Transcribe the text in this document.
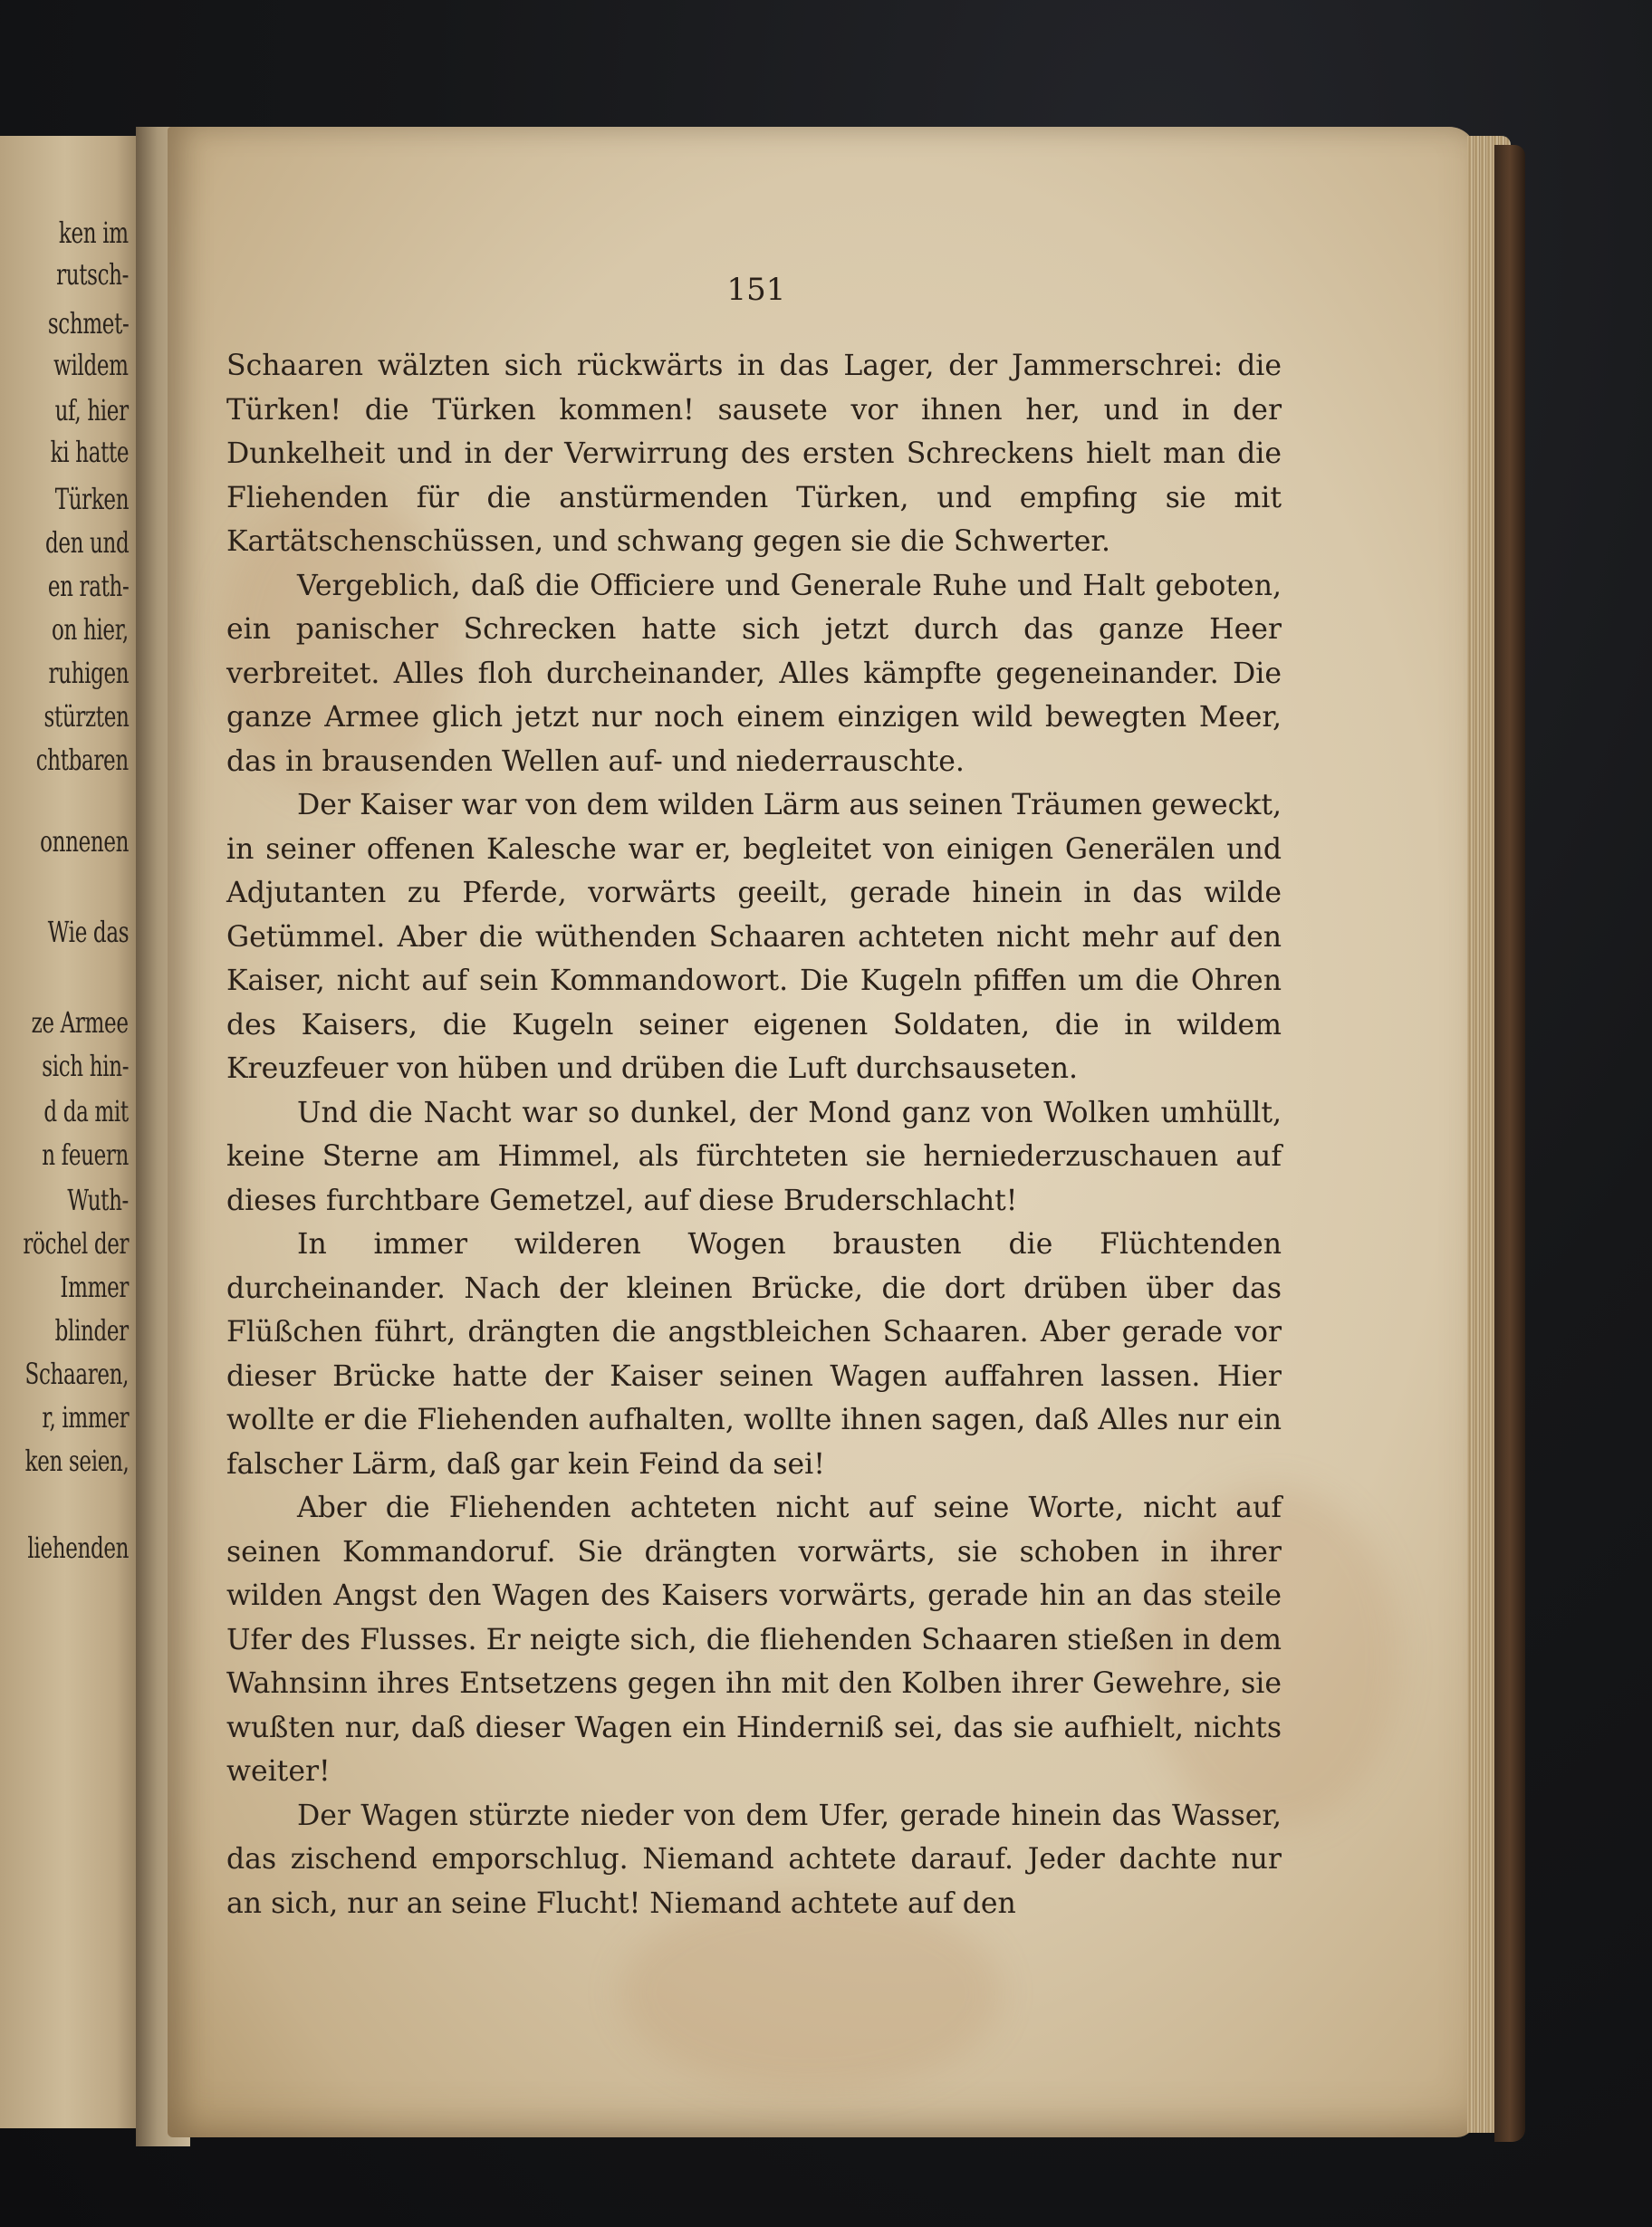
ken im
rutsch-
schmet-
wildem
uf, hier
ki hatte
Türken
den und
en rath-
on hier,
ruhigen
stürzten
chtbaren
onnenen
Wie das
ze Armee
sich hin-
d da mit
n feuern
Wuth-
röchel der
Immer
blinder
Schaaren,
r, immer
ken seien,
liehenden
151

Schaaren wälzten sich rückwärts in das Lager, der Jammerschrei: die Türken! die Türken kommen! sausete vor ihnen her, und in der Dunkelheit und in der Verwirrung des ersten Schreckens hielt man die Fliehenden für die anstürmenden Türken, und empfing sie mit Kartätschenschüssen, und schwang gegen sie die Schwerter.

Vergeblich, daß die Officiere und Generale Ruhe und Halt geboten, ein panischer Schrecken hatte sich jetzt durch das ganze Heer verbreitet. Alles floh durcheinander, Alles kämpfte gegeneinander. Die ganze Armee glich jetzt nur noch einem einzigen wild bewegten Meer, das in brausenden Wellen auf- und niederrauschte.

Der Kaiser war von dem wilden Lärm aus seinen Träumen geweckt, in seiner offenen Kalesche war er, begleitet von einigen Generälen und Adjutanten zu Pferde, vorwärts geeilt, gerade hinein in das wilde Getümmel. Aber die wüthenden Schaaren achteten nicht mehr auf den Kaiser, nicht auf sein Kommandowort. Die Kugeln pfiffen um die Ohren des Kaisers, die Kugeln seiner eigenen Soldaten, die in wildem Kreuzfeuer von hüben und drüben die Luft durchsauseten.

Und die Nacht war so dunkel, der Mond ganz von Wolken umhüllt, keine Sterne am Himmel, als fürchteten sie herniederzuschauen auf dieses furchtbare Gemetzel, auf diese Bruderschlacht!

In immer wilderen Wogen brausten die Flüchtenden durcheinander. Nach der kleinen Brücke, die dort drüben über das Flüßchen führt, drängten die angstbleichen Schaaren. Aber gerade vor dieser Brücke hatte der Kaiser seinen Wagen auffahren lassen. Hier wollte er die Fliehenden aufhalten, wollte ihnen sagen, daß Alles nur ein falscher Lärm, daß gar kein Feind da sei!

Aber die Fliehenden achteten nicht auf seine Worte, nicht auf seinen Kommandoruf. Sie drängten vorwärts, sie schoben in ihrer wilden Angst den Wagen des Kaisers vorwärts, gerade hin an das steile Ufer des Flusses. Er neigte sich, die fliehenden Schaaren stießen in dem Wahnsinn ihres Entsetzens gegen ihn mit den Kolben ihrer Gewehre, sie wußten nur, daß dieser Wagen ein Hinderniß sei, das sie aufhielt, nichts weiter!

Der Wagen stürzte nieder von dem Ufer, gerade hinein das Wasser, das zischend emporschlug. Niemand achtete darauf. Jeder dachte nur an sich, nur an seine Flucht! Niemand achtete auf den
